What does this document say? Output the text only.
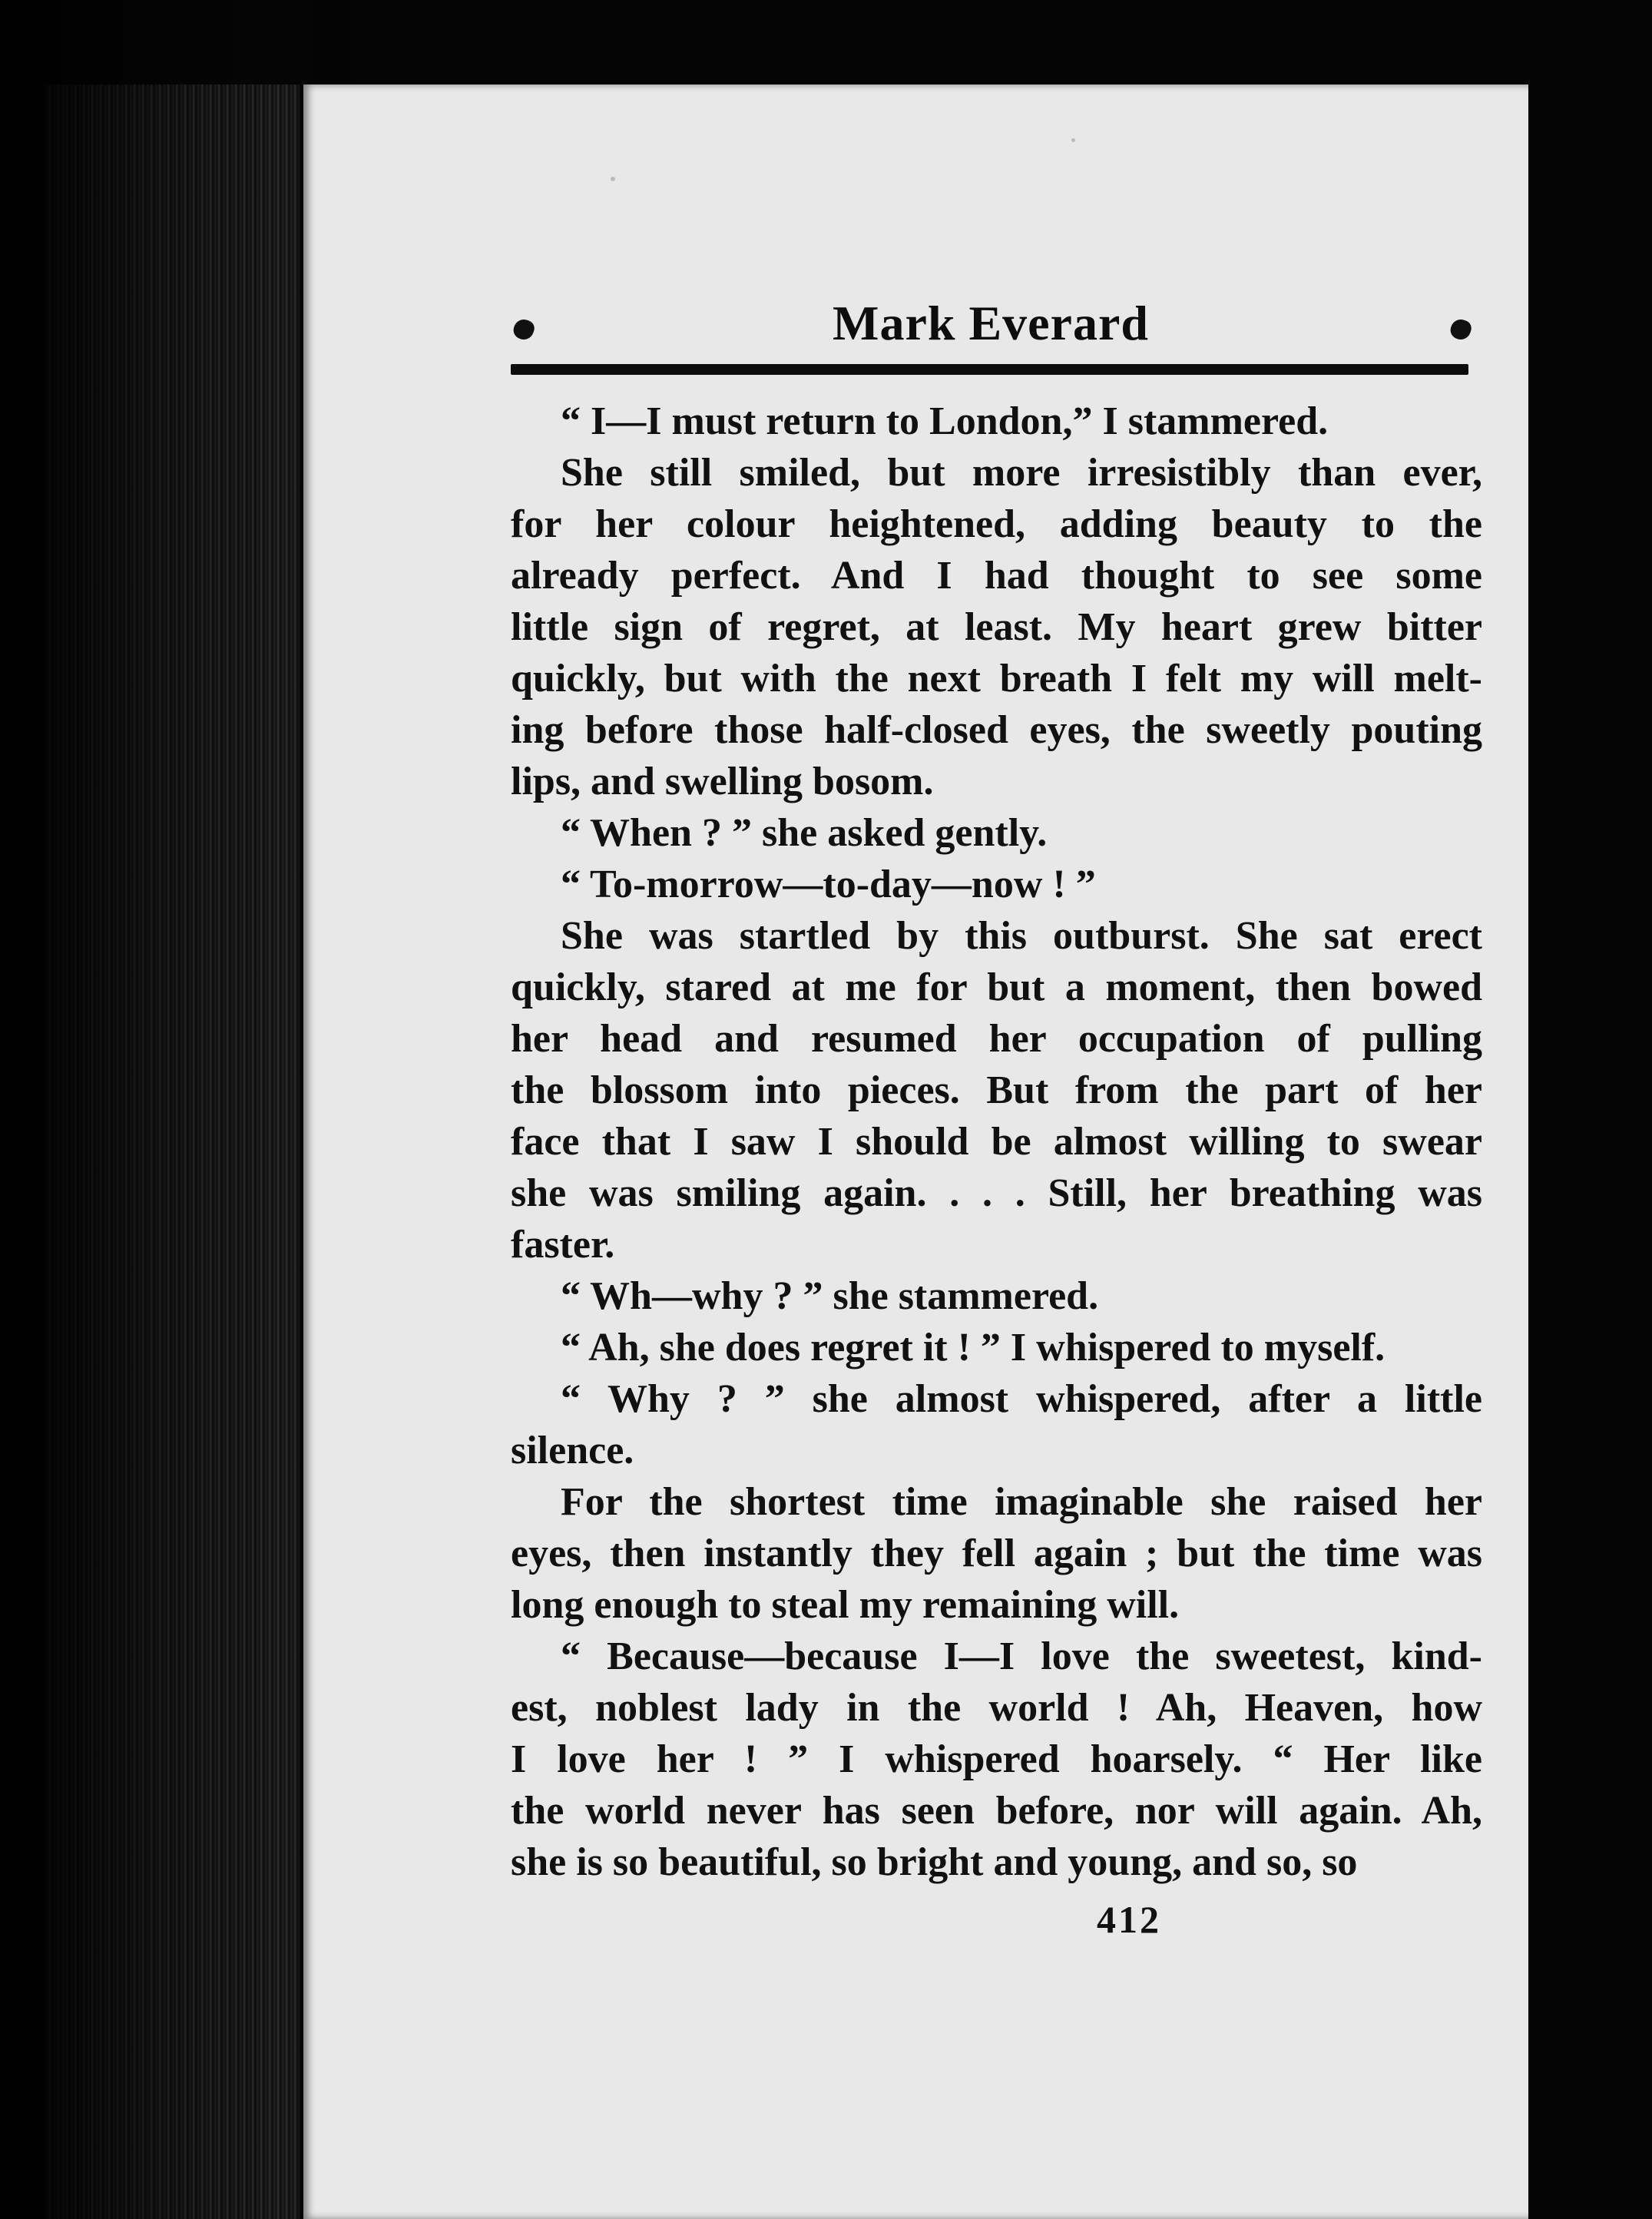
Mark Everard

“ I—I must return to London,” I stammered.

She still smiled, but more irresistibly than ever,
for her colour heightened, adding beauty to the
already perfect. And I had thought to see some
little sign of regret, at least. My heart grew bitter
quickly, but with the next breath I felt my will melt-
ing before those half-closed eyes, the sweetly pouting
lips, and swelling bosom.

“ When ? ” she asked gently.

“ To-morrow—to-day—now ! ”

She was startled by this outburst. She sat erect
quickly, stared at me for but a moment, then bowed
her head and resumed her occupation of pulling
the blossom into pieces. But from the part of her
face that I saw I should be almost willing to swear
she was smiling again. . . . Still, her breathing was
faster.

“ Wh—why ? ” she stammered.

“ Ah, she does regret it ! ” I whispered to myself.

“ Why ? ” she almost whispered, after a little
silence.

For the shortest time imaginable she raised her
eyes, then instantly they fell again ; but the time was
long enough to steal my remaining will.

“ Because—because I—I love the sweetest, kind-
est, noblest lady in the world ! Ah, Heaven, how
I love her ! ” I whispered hoarsely. “ Her like
the world never has seen before, nor will again. Ah,
she is so beautiful, so bright and young, and so, so

412
